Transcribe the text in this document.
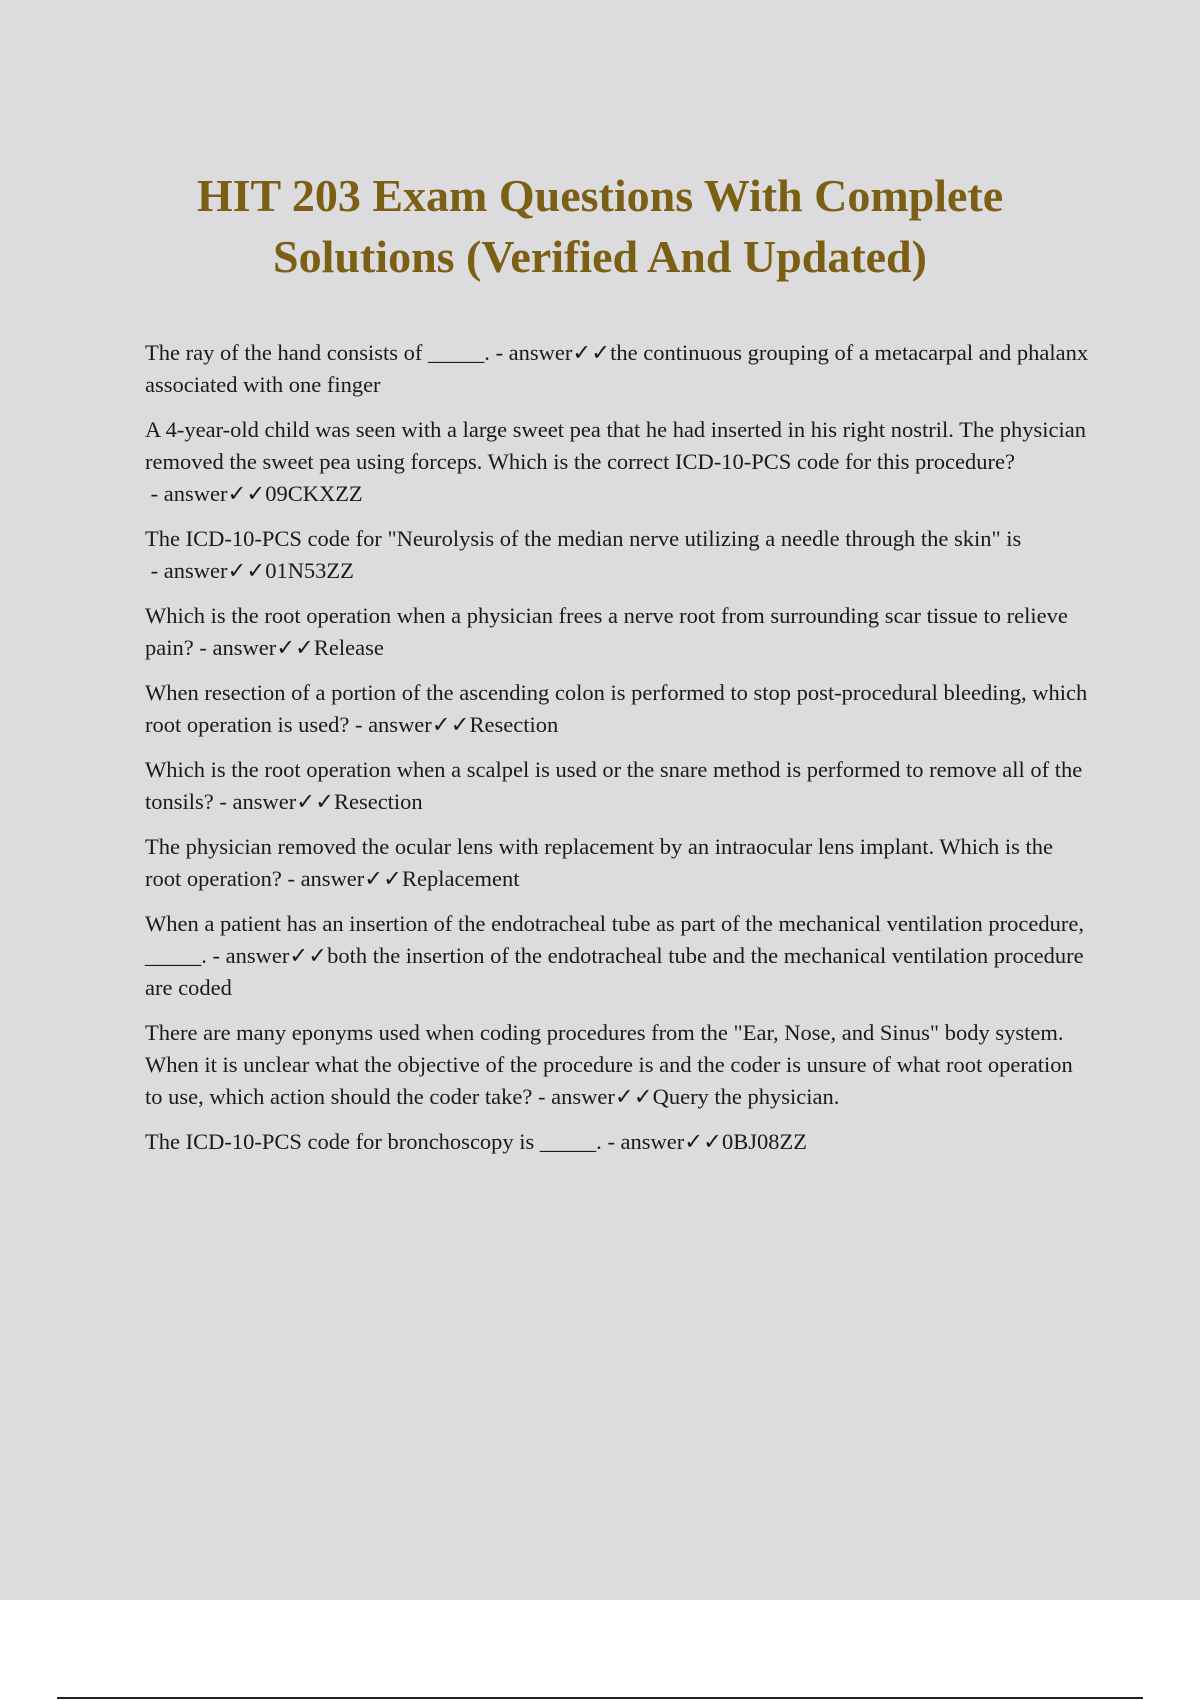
HIT 203 Exam Questions With Complete
Solutions (Verified And Updated)
The ray of the hand consists of _____. - answer✓✓the continuous grouping of a metacarpal and phalanx associated with one finger
A 4-year-old child was seen with a large sweet pea that he had inserted in his right nostril. The physician removed the sweet pea using forceps. Which is the correct ICD-10-PCS code for this procedure? - answer✓✓09CKXZZ
The ICD-10-PCS code for "Neurolysis of the median nerve utilizing a needle through the skin" is - answer✓✓01N53ZZ
Which is the root operation when a physician frees a nerve root from surrounding scar tissue to relieve pain? - answer✓✓Release
When resection of a portion of the ascending colon is performed to stop post-procedural bleeding, which root operation is used? - answer✓✓Resection
Which is the root operation when a scalpel is used or the snare method is performed to remove all of the tonsils? - answer✓✓Resection
The physician removed the ocular lens with replacement by an intraocular lens implant. Which is the root operation? - answer✓✓Replacement
When a patient has an insertion of the endotracheal tube as part of the mechanical ventilation procedure, _____. - answer✓✓both the insertion of the endotracheal tube and the mechanical ventilation procedure are coded
There are many eponyms used when coding procedures from the "Ear, Nose, and Sinus" body system. When it is unclear what the objective of the procedure is and the coder is unsure of what root operation to use, which action should the coder take? - answer✓✓Query the physician.
The ICD-10-PCS code for bronchoscopy is _____. - answer✓✓0BJ08ZZ
